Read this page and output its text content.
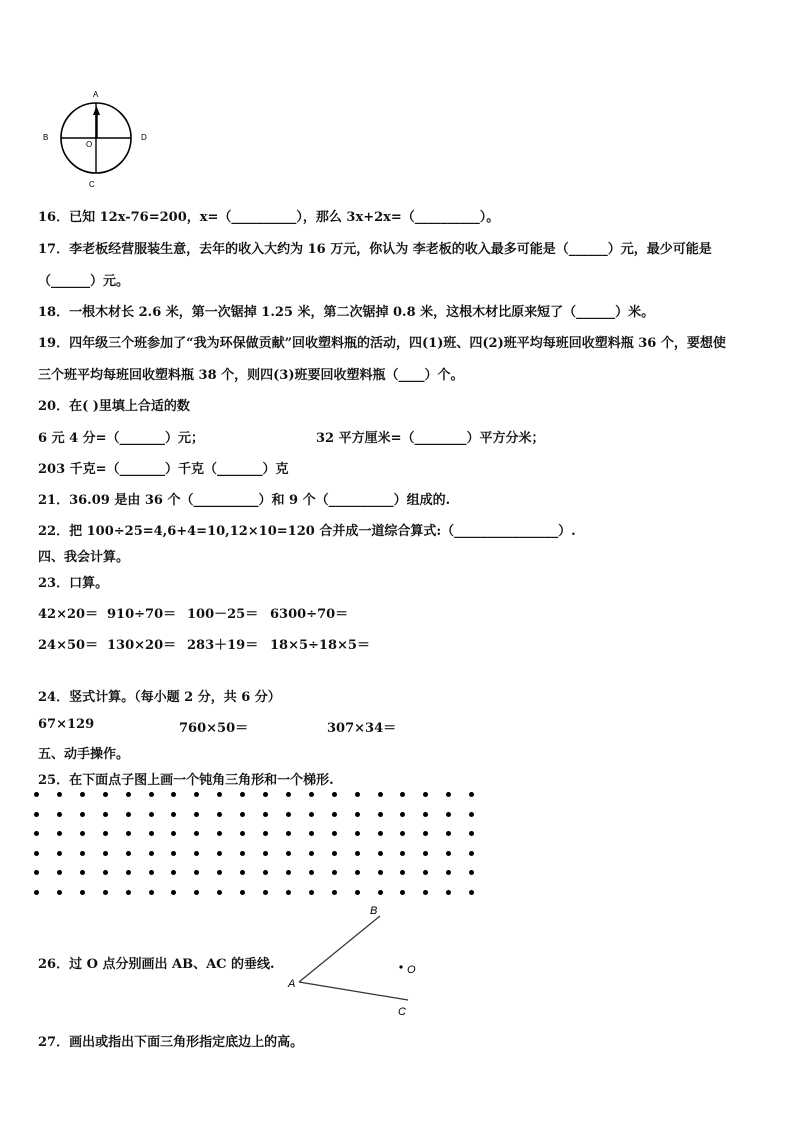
A
B	D
C
O
16．已知 12x-76=200，x=（__________），那么 3x+2x=（__________）。
17．李老板经营服装生意，去年的收入大约为 16 万元，你认为 李老板的收入最多可能是（______）元，最少可能是
（______）元。
18．一根木材长 2.6 米，第一次锯掉 1.25 米，第二次锯掉 0.8 米，这根木材比原来短了（______）米。
19．四年级三个班参加了“我为环保做贡献”回收塑料瓶的活动，四(1)班、四(2)班平均每班回收塑料瓶 36 个，要想使
三个班平均每班回收塑料瓶 38 个，则四(3)班要回收塑料瓶（____）个。
20．在( )里填上合适的数
6 元 4 分=（_______）元；	32 平方厘米=（________）平方分米；
203 千克=（_______）千克（_______）克
21．36.09 是由 36 个（__________）和 9 个（__________）组成的.
22．把 100÷25=4,6+4=10,12×10=120 合并成一道综合算式:（________________）.
四、我会计算。
23．口算。
42×20＝ 910÷70＝ 100－25＝ 6300÷70＝
24×50＝ 130×20＝ 283＋19＝ 18×5÷18×5＝
24．竖式计算。（每小题 2 分，共 6 分）
67×129	760×50＝	307×34＝
五、动手操作。
25．在下面点子图上画一个钝角三角形和一个梯形.
26．过 O 点分别画出 AB、AC 的垂线.
A
B
C
O
27．画出或指出下面三角形指定底边上的高。
